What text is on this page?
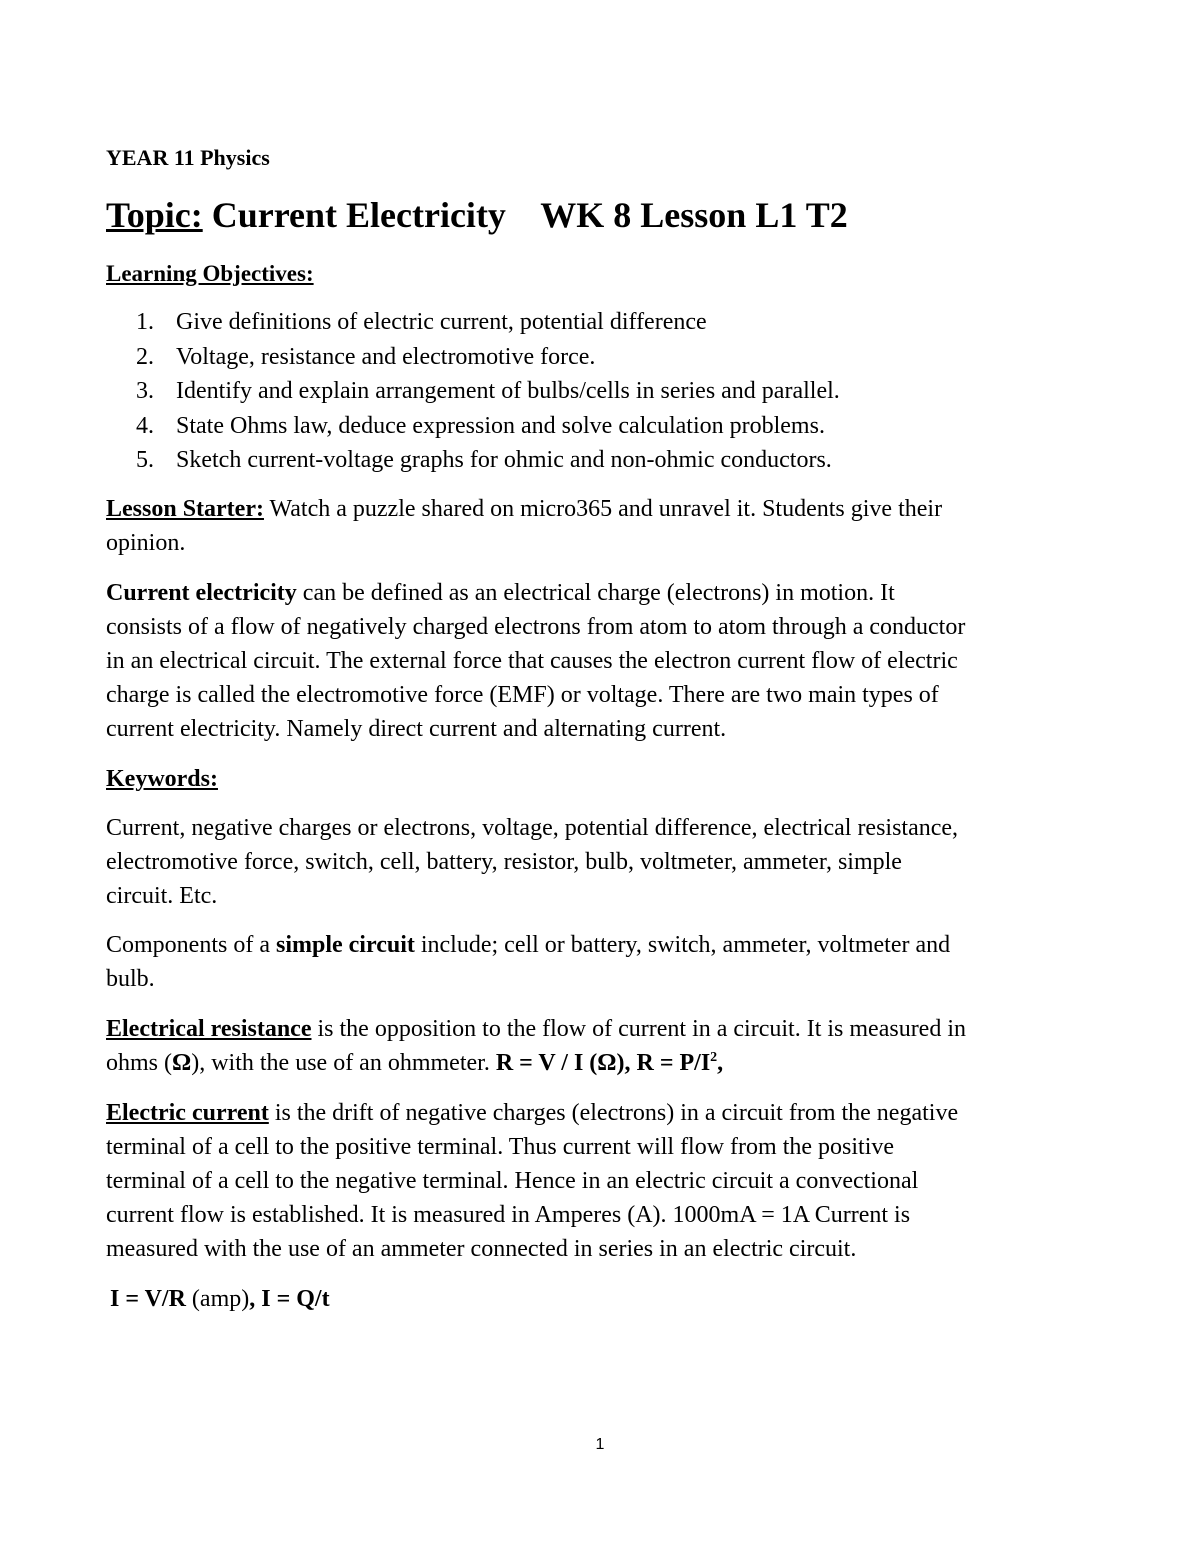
YEAR 11 Physics
Topic: Current Electricity WK 8 Lesson L1 T2
Learning Objectives:
1. Give definitions of electric current, potential difference
2. Voltage, resistance and electromotive force.
3. Identify and explain arrangement of bulbs/cells in series and parallel.
4. State Ohms law, deduce expression and solve calculation problems.
5. Sketch current-voltage graphs for ohmic and non-ohmic conductors.

Lesson Starter: Watch a puzzle shared on micro365 and unravel it. Students give their

opinion.

Current electricity can be defined as an electrical charge (electrons) in motion. It

consists of a flow of negatively charged electrons from atom to atom through a conductor

in an electrical circuit. The external force that causes the electron current flow of electric

charge is called the electromotive force (EMF) or voltage. There are two main types of

current electricity. Namely direct current and alternating current.

Keywords:

Current, negative charges or electrons, voltage, potential difference, electrical resistance,

electromotive force, switch, cell, battery, resistor, bulb, voltmeter, ammeter, simple

circuit. Etc.

Components of a simple circuit include; cell or battery, switch, ammeter, voltmeter and

bulb.

Electrical resistance is the opposition to the flow of current in a circuit. It is measured in

ohms (Ω), with the use of an ohmmeter. R = V / I (Ω), $R = P/I^2$,

Electric current is the drift of negative charges (electrons) in a circuit from the negative

terminal of a cell to the positive terminal. Thus current will flow from the positive

terminal of a cell to the negative terminal. Hence in an electric circuit a convectional

current flow is established. It is measured in Amperes (A). 1000mA = 1A Current is

measured with the use of an ammeter connected in series in an electric circuit.

I = V/R (amp), I = Q/t

1
